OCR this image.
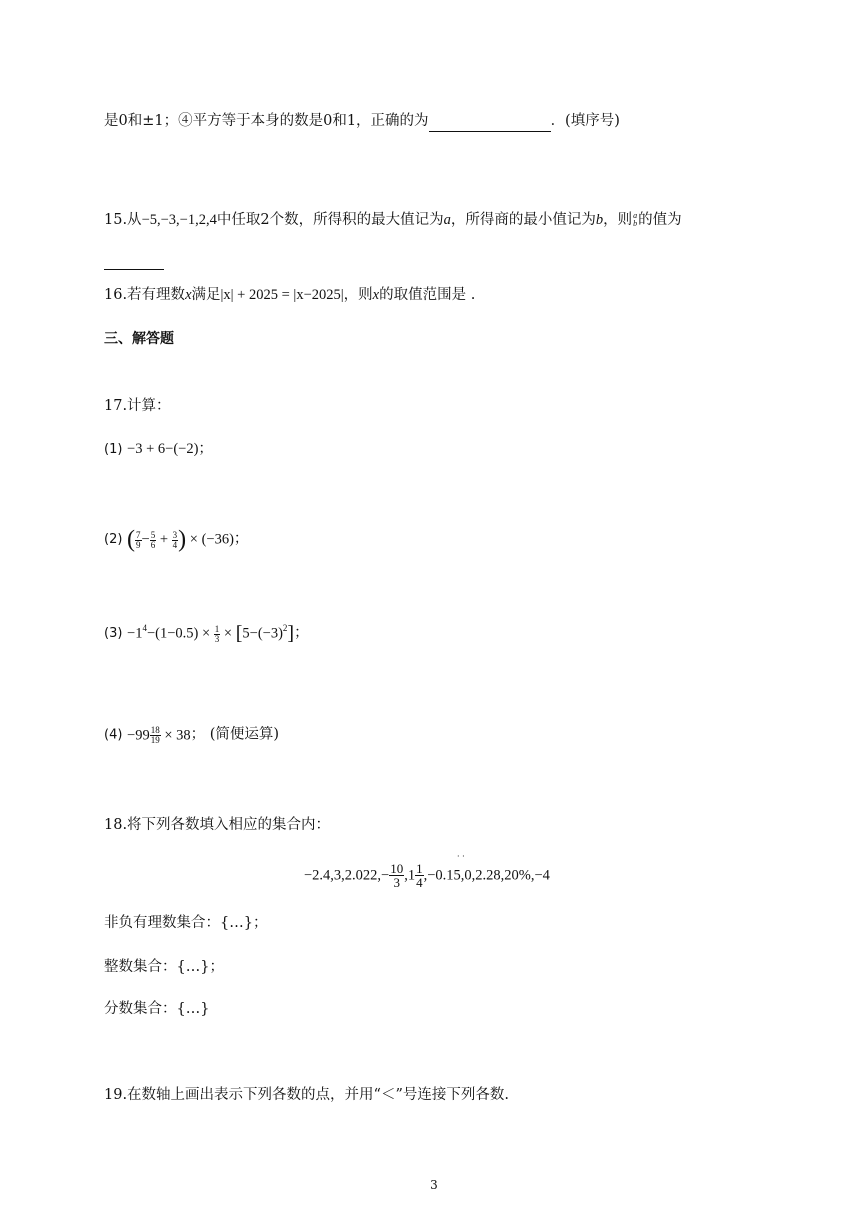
是0和±1；④平方等于本身的数是0和1，正确的为	．(填序号)
15.从−5,−3,−1,2,4中任取2个数，所得积的最大值记为a，所得商的最小值记为b，则 a
b 的值为

16.若有理数x满足|x| + 2025 = |x−2025|，则x的取值范围是 .
三、解答题
17.计算：
(1) −3 + 6−(−2)；
(2) ( $\frac{7}{9} - \frac{5}{6} + \frac{3}{4}$ ) × (−36)；
$(3) -1^4-(1-0.5) \times \frac{1}{3} \times [5-(-3)^2]$；
$(4) -99 \frac{18}{19} \times 38$； (简便运算)
18.将下列各数填入相应的集合内：
· ·
$-2.4,3,2.022,- \frac{10}{3} ,1 \frac{1}{4} ,-0.15,0,2.28,20\%,-4$
非负有理数集合：{…}；
整数集合：{…}；
分数集合：{…}
19.在数轴上画出表示下列各数的点，并用“＜”号连接下列各数.
3
